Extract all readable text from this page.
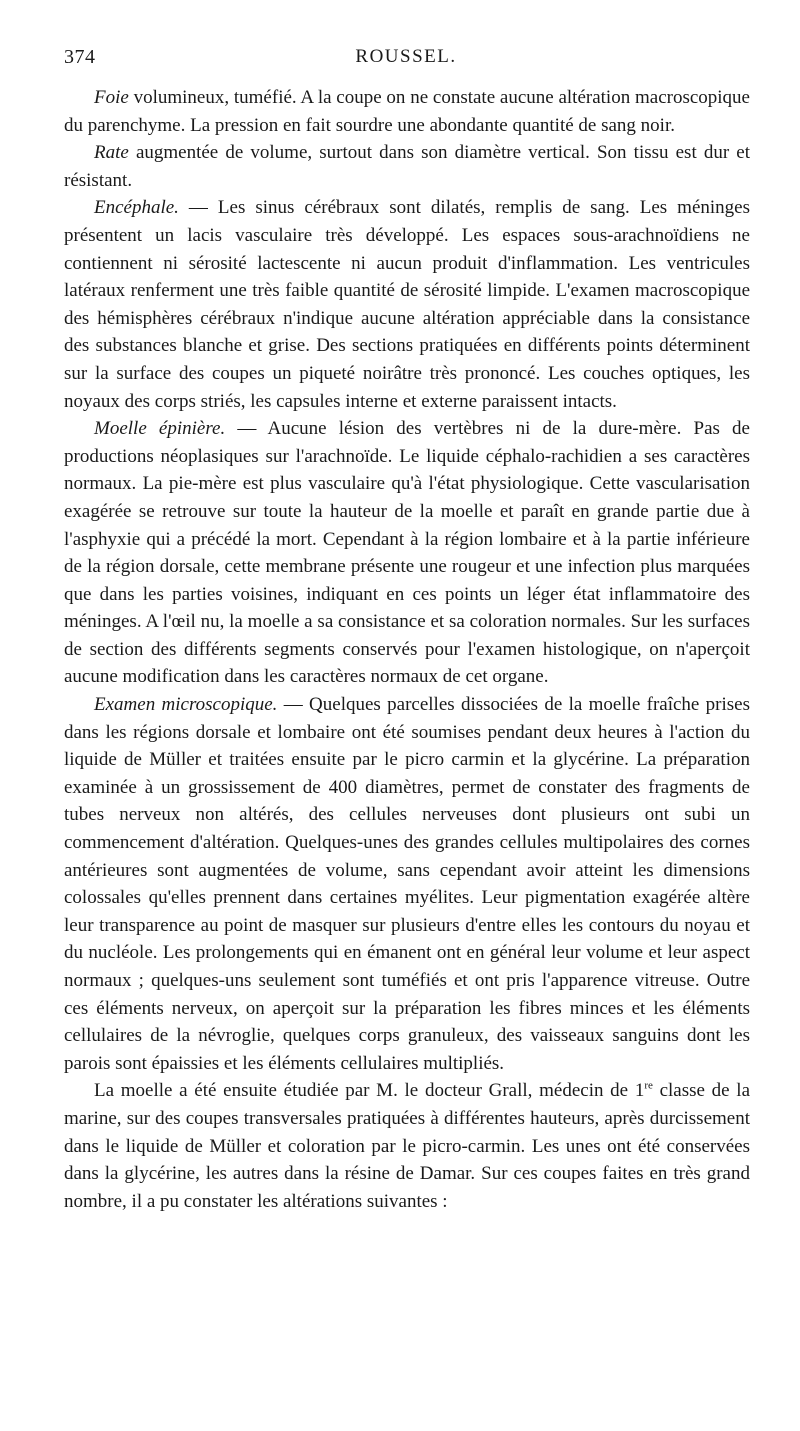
374	ROUSSEL.

Foie volumineux, tuméfié. A la coupe on ne constate aucune altération macroscopique du parenchyme. La pression en fait sourdre une abondante quantité de sang noir.

Rate augmentée de volume, surtout dans son diamètre vertical. Son tissu est dur et résistant.

Encéphale. — Les sinus cérébraux sont dilatés, remplis de sang. Les méninges présentent un lacis vasculaire très développé. Les espaces sous-arachnoïdiens ne contiennent ni sérosité lactescente ni aucun produit d'inflammation. Les ventricules latéraux renferment une très faible quantité de sérosité limpide. L'examen macroscopique des hémisphères cérébraux n'indique aucune altération appréciable dans la consistance des substances blanche et grise. Des sections pratiquées en différents points déterminent sur la surface des coupes un piqueté noirâtre très prononcé. Les couches optiques, les noyaux des corps striés, les capsules interne et externe paraissent intacts.

Moelle épinière. — Aucune lésion des vertèbres ni de la dure-mère. Pas de productions néoplasiques sur l'arachnoïde. Le liquide céphalo-rachidien a ses caractères normaux. La pie-mère est plus vasculaire qu'à l'état physiologique. Cette vascularisation exagérée se retrouve sur toute la hauteur de la moelle et paraît en grande partie due à l'asphyxie qui a précédé la mort. Cependant à la région lombaire et à la partie inférieure de la région dorsale, cette membrane présente une rougeur et une infection plus marquées que dans les parties voisines, indiquant en ces points un léger état inflammatoire des méninges. A l'œil nu, la moelle a sa consistance et sa coloration normales. Sur les surfaces de section des différents segments conservés pour l'examen histologique, on n'aperçoit aucune modification dans les caractères normaux de cet organe.

Examen microscopique. — Quelques parcelles dissociées de la moelle fraîche prises dans les régions dorsale et lombaire ont été soumises pendant deux heures à l'action du liquide de Müller et traitées ensuite par le picro carmin et la glycérine. La préparation examinée à un grossissement de 400 diamètres, permet de constater des fragments de tubes nerveux non altérés, des cellules nerveuses dont plusieurs ont subi un commencement d'altération. Quelques-unes des grandes cellules multipolaires des cornes antérieures sont augmentées de volume, sans cependant avoir atteint les dimensions colossales qu'elles prennent dans certaines myélites. Leur pigmentation exagérée altère leur transparence au point de masquer sur plusieurs d'entre elles les contours du noyau et du nucléole. Les prolongements qui en émanent ont en général leur volume et leur aspect normaux ; quelques-uns seulement sont tuméfiés et ont pris l'apparence vitreuse. Outre ces éléments nerveux, on aperçoit sur la préparation les fibres minces et les éléments cellulaires de la névroglie, quelques corps granuleux, des vaisseaux sanguins dont les parois sont épaissies et les éléments cellulaires multipliés.

La moelle a été ensuite étudiée par M. le docteur Grall, médecin de 1re classe de la marine, sur des coupes transversales pratiquées à différentes hauteurs, après durcissement dans le liquide de Müller et coloration par le picro-carmin. Les unes ont été conservées dans la glycérine, les autres dans la résine de Damar. Sur ces coupes faites en très grand nombre, il a pu constater les altérations suivantes :
